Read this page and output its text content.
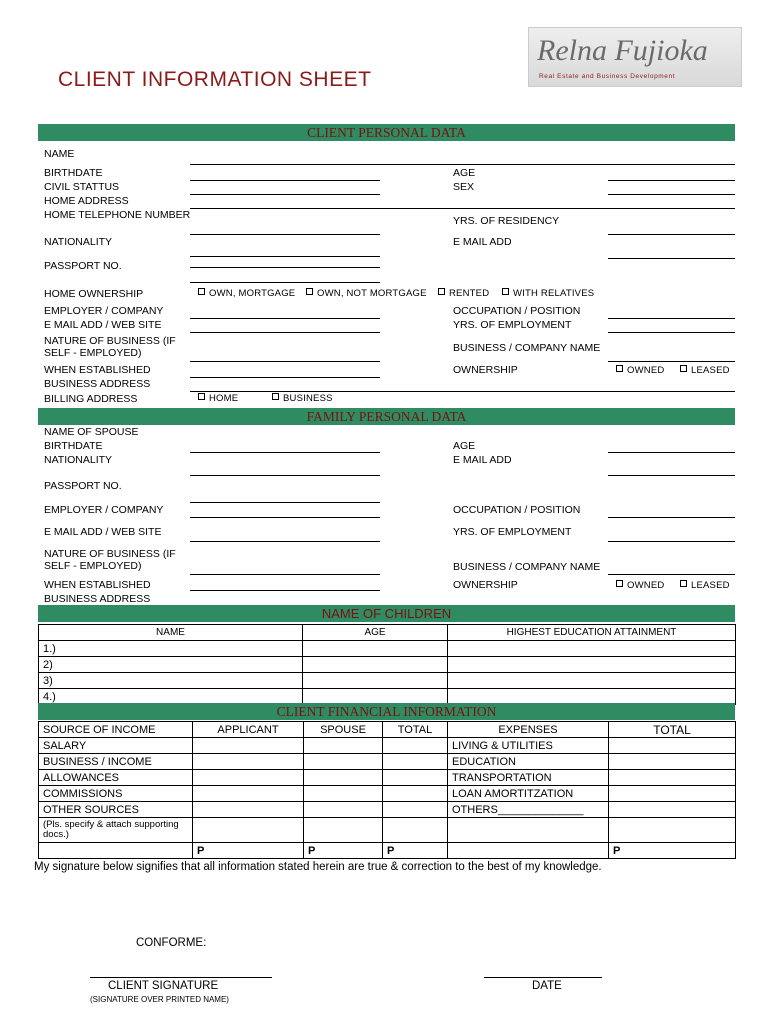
CLIENT INFORMATION SHEET
Relna Fujioka
Real Estate and Business Development
CLIENT PERSONAL DATA
NAME
BIRTHDATE	AGE
CIVIL STATTUS	SEX
HOME ADDRESS
HOME TELEPHONE NUMBER	YRS. OF RESIDENCY
NATIONALITY	E MAIL ADD
PASSPORT NO.
HOME OWNERSHIP	OWN, MORTGAGE	OWN, NOT MORTGAGE	RENTED	WITH RELATIVES
EMPLOYER / COMPANY	OCCUPATION / POSITION
E MAIL ADD / WEB SITE	YRS. OF EMPLOYMENT
NATURE OF BUSINESS (IF SELF - EMPLOYED)	BUSINESS / COMPANY NAME
WHEN ESTABLISHED	OWNERSHIP	OWNED	LEASED
BUSINESS ADDRESS
BILLING ADDRESS	HOME	BUSINESS
FAMILY PERSONAL DATA
NAME OF SPOUSE
BIRTHDATE	AGE
NATIONALITY	E MAIL ADD
PASSPORT NO.
EMPLOYER / COMPANY	OCCUPATION / POSITION
E MAIL ADD / WEB SITE	YRS. OF EMPLOYMENT
NATURE OF BUSINESS (IF SELF - EMPLOYED)	BUSINESS / COMPANY NAME
WHEN ESTABLISHED	OWNERSHIP	OWNED	LEASED
BUSINESS ADDRESS
NAME OF CHILDREN
NAME	AGE	HIGHEST EDUCATION ATTAINMENT
1.)		
2)		
3)		
4.)		
CLIENT FINANCIAL INFORMATION
SOURCE OF INCOME	APPLICANT	SPOUSE	TOTAL	EXPENSES	TOTAL
SALARY				LIVING & UTILITIES	
BUSINESS / INCOME				EDUCATION	
ALLOWANCES				TRANSPORTATION	
COMMISSIONS				LOAN AMORTITZATION	
OTHER SOURCES				OTHERS______________	
(Pls. specify & attach supporting docs.)					
	P	P	P		P
My signature below signifies that all information stated herein are true & correction to the best of my knowledge.
CONFORME:
CLIENT SIGNATURE
(SIGNATURE OVER PRINTED NAME)
DATE
